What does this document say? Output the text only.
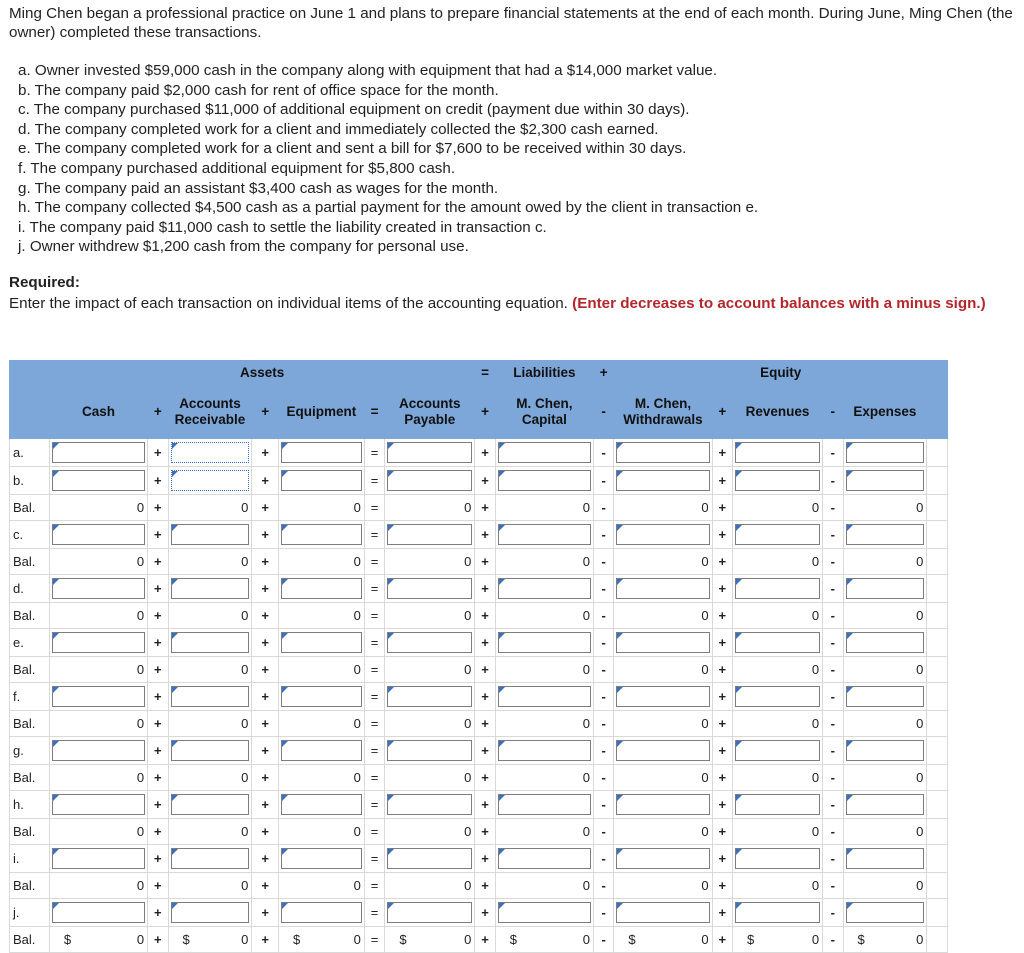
Ming Chen began a professional practice on June 1 and plans to prepare financial statements at the end of each month. During June, Ming Chen (the owner) completed these transactions.

a. Owner invested $59,000 cash in the company along with equipment that had a $14,000 market value.
b. The company paid $2,000 cash for rent of office space for the month.
c. The company purchased $11,000 of additional equipment on credit (payment due within 30 days).
d. The company completed work for a client and immediately collected the $2,300 cash earned.
e. The company completed work for a client and sent a bill for $7,600 to be received within 30 days.
f. The company purchased additional equipment for $5,800 cash.
g. The company paid an assistant $3,400 cash as wages for the month.
h. The company collected $4,500 cash as a partial payment for the amount owed by the client in transaction e.
i. The company paid $11,000 cash to settle the liability created in transaction c.
j. Owner withdrew $1,200 cash from the company for personal use.

Required:

Enter the impact of each transaction on individual items of the accounting equation. (Enter decreases to account balances with a minus sign.)

	Assets							=	Liabilities	+	Equity					
	Cash	+	Accounts Receivable	+	Equipment	=	Accounts Payable	+	M. Chen, Capital	-	M. Chen, Withdrawals	+	Revenues	-	Expenses	
a.		+		+		=		+		-		+		-	

b.		+		+		=		+		-		+		-	

Bal.	0	+	0	+	0	=	0	+	0	-	0	+	0	-	0	
c.		+		+		=		+		-		+		-	

Bal.	0	+	0	+	0	=	0	+	0	-	0	+	0	-	0	
d.		+		+		=		+		-		+		-	

Bal.	0	+	0	+	0	=	0	+	0	-	0	+	0	-	0	
e.		+		+		=		+		-		+		-	

Bal.	0	+	0	+	0	=	0	+	0	-	0	+	0	-	0	
f.		+		+		=		+		-		+		-	

Bal.	0	+	0	+	0	=	0	+	0	-	0	+	0	-	0	
g.		+		+		=		+		-		+		-	

Bal.	0	+	0	+	0	=	0	+	0	-	0	+	0	-	0	
h.		+		+		=		+		-		+		-	

Bal.	0	+	0	+	0	=	0	+	0	-	0	+	0	-	0	
i.		+		+		=		+		-		+		-	

Bal.	0	+	0	+	0	=	0	+	0	-	0	+	0	-	0	
j.		+		+		=		+		-		+		-	

Bal.	$ 0	+	$ 0	+	$ 0	=	$ 0	+	$ 0	-	$ 0	+	$ 0	-	$ 0	
